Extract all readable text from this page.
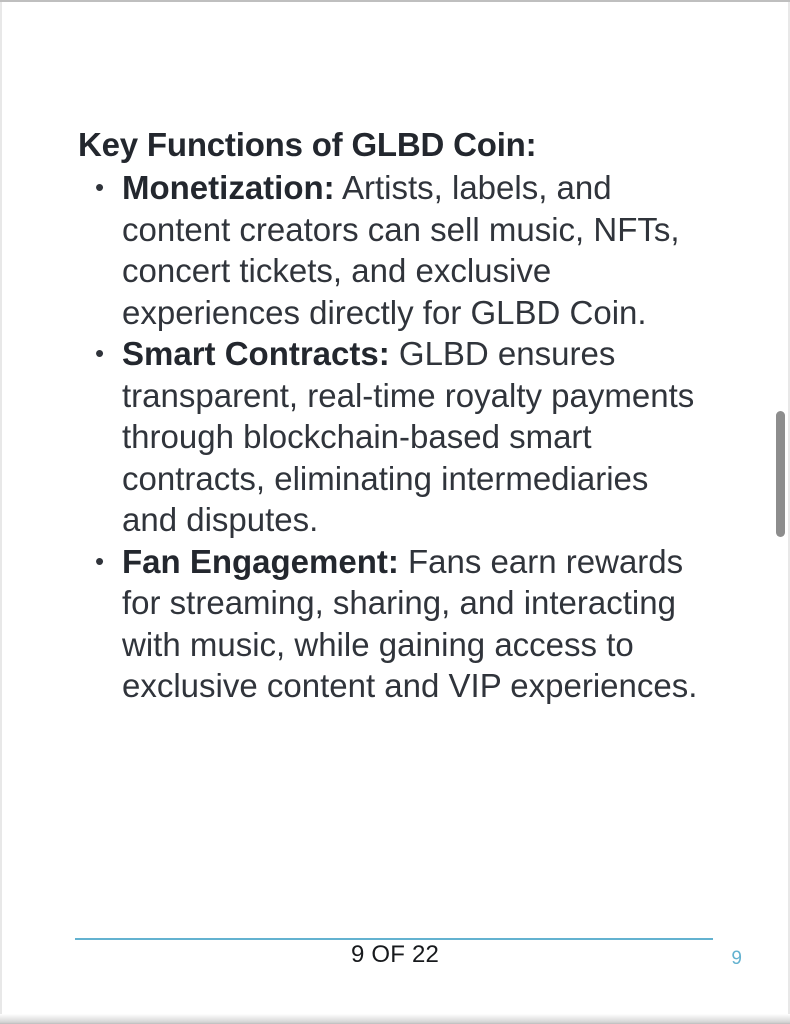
Key Functions of GLBD Coin:
• Monetization: Artists, labels, and content creators can sell music, NFTs, concert tickets, and exclusive experiences directly for GLBD Coin.
• Smart Contracts: GLBD ensures transparent, real-time royalty payments through blockchain-based smart contracts, eliminating intermediaries and disputes.
• Fan Engagement: Fans earn rewards for streaming, sharing, and interacting with music, while gaining access to exclusive content and VIP experiences.
9 OF 22	9
